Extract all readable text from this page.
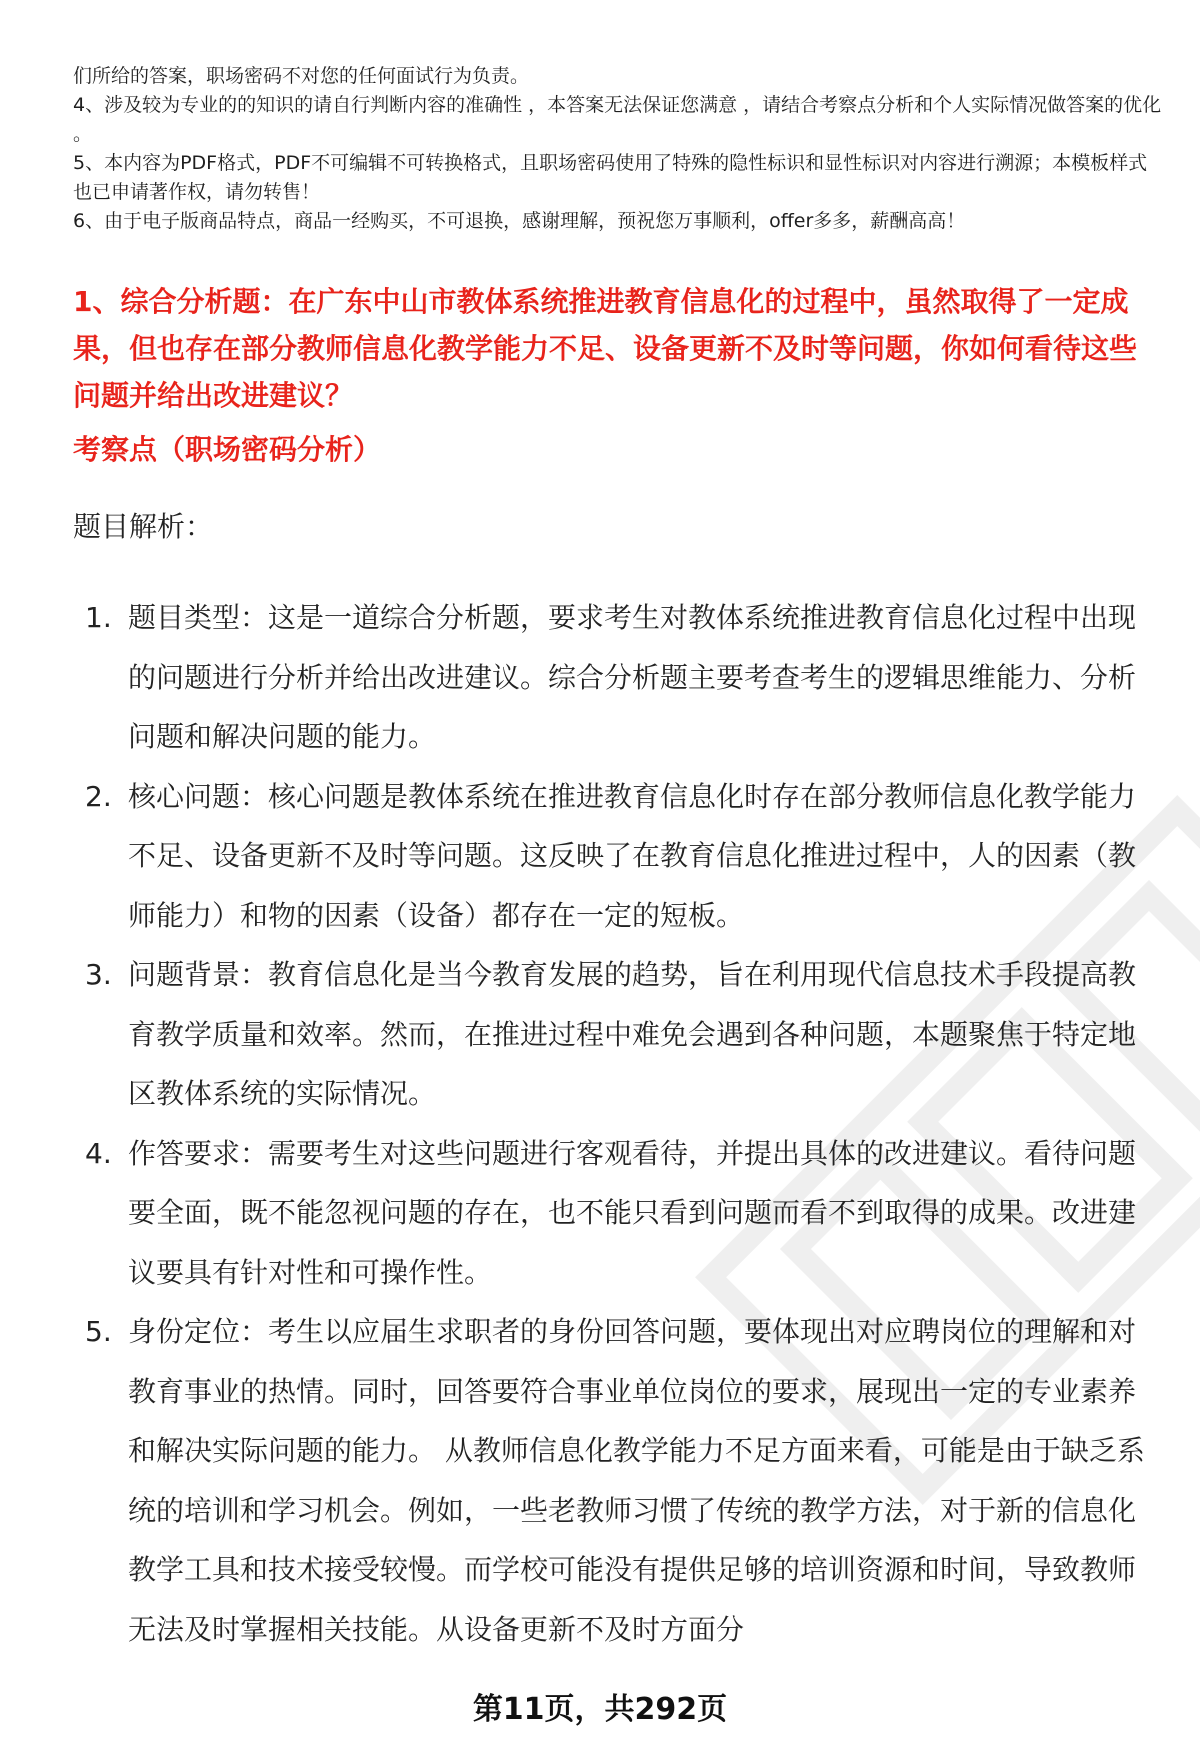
们所给的答案，职场密码不对您的任何面试行为负责。

4、涉及较为专业的的知识的请自行判断内容的准确性 ，本答案无法保证您满意 ，请结合考察点分析和个人实际情况做答案的优化 。

5、本内容为PDF格式，PDF不可编辑不可转换格式，且职场密码使用了特殊的隐性标识和显性标识对内容进行溯源；本模板样式也已申请著作权，请勿转售！

6、由于电子版商品特点，商品一经购买，不可退换，感谢理解，预祝您万事顺利，offer多多，薪酬高高！

1、综合分析题：在广东中山市教体系统推进教育信息化的过程中，虽然取得了一定成果，但也存在部分教师信息化教学能力不足、设备更新不及时等问题，你如何看待这些问题并给出改进建议？

考察点（职场密码分析）

题目解析：

1. 题目类型：这是一道综合分析题，要求考生对教体系统推进教育信息化过程中出现的问题进行分析并给出改进建议。综合分析题主要考查考生的逻辑思维能力、分析问题和解决问题的能力。
2. 核心问题：核心问题是教体系统在推进教育信息化时存在部分教师信息化教学能力不足、设备更新不及时等问题。这反映了在教育信息化推进过程中，人的因素（教师能力）和物的因素（设备）都存在一定的短板。
3. 问题背景：教育信息化是当今教育发展的趋势，旨在利用现代信息技术手段提高教育教学质量和效率。然而，在推进过程中难免会遇到各种问题，本题聚焦于特定地区教体系统的实际情况。
4. 作答要求：需要考生对这些问题进行客观看待，并提出具体的改进建议。看待问题要全面，既不能忽视问题的存在，也不能只看到问题而看不到取得的成果。改进建议要具有针对性和可操作性。
5. 身份定位：考生以应届生求职者的身份回答问题，要体现出对应聘岗位的理解和对教育事业的热情。同时，回答要符合事业单位岗位的要求，展现出一定的专业素养和解决实际问题的能力。 从教师信息化教学能力不足方面来看，可能是由于缺乏系统的培训和学习机会。例如，一些老教师习惯了传统的教学方法，对于新的信息化教学工具和技术接受较慢。而学校可能没有提供足够的培训资源和时间，导致教师无法及时掌握相关技能。从设备更新不及时方面分
第11页，共292页
